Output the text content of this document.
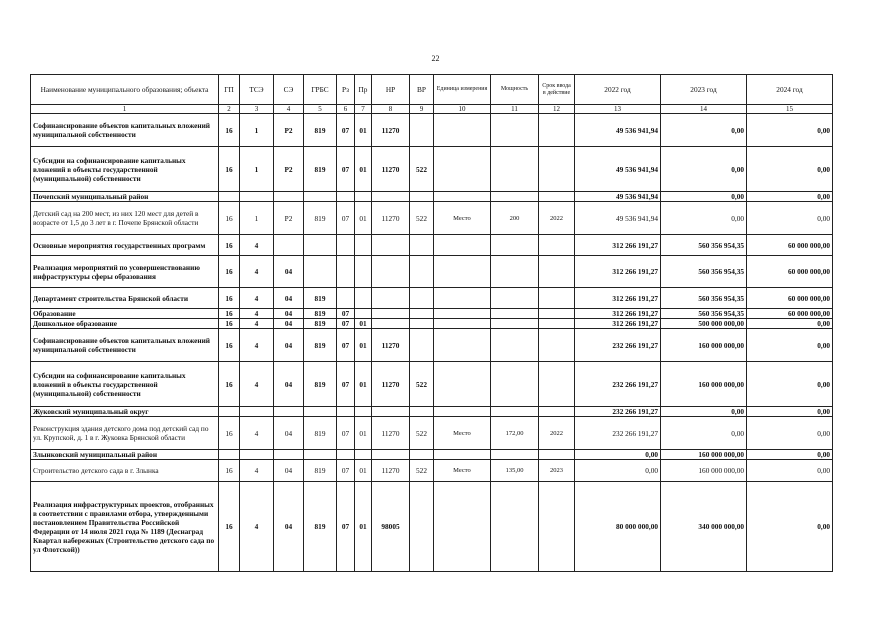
22
Наименование муниципального образования; объекта	ГП	ТСЭ	СЭ	ГРБС	Рз	Пр	НР	ВР	Единица измерения	Мощность	Срок ввода в действие	2022 год	2023 год	2024 год
1	2	3	4	5	6	7	8	9	10	11	12	13	14	15
Софинансирование объектов капитальных вложений муниципальной собственности	16	1	Р2	819	07	01	11270					49 536 941,94	0,00	0,00
Субсидии на софинансирование капитальных вложений в объекты государственной (муниципальной) собственности	16	1	Р2	819	07	01	11270	522				49 536 941,94	0,00	0,00
Почепский муниципальный район												49 536 941,94	0,00	0,00
Детский сад на 200 мест, из них 120 мест для детей в возрасте от 1,5 до 3 лет в г. Почепе Брянской области	16	1	Р2	819	07	01	11270	522	Место	200	2022	49 536 941,94	0,00	0,00
Основные мероприятия государственных программ	16	4										312 266 191,27	560 356 954,35	60 000 000,00
Реализация мероприятий по усовершенствованию инфраструктуры сферы образования	16	4	04									312 266 191,27	560 356 954,35	60 000 000,00
Департамент строительства Брянской области	16	4	04	819								312 266 191,27	560 356 954,35	60 000 000,00
Образование	16	4	04	819	07							312 266 191,27	560 356 954,35	60 000 000,00
Дошкольное образование	16	4	04	819	07	01						312 266 191,27	500 000 000,00	0,00
Софинансирование объектов капитальных вложений муниципальной собственности	16	4	04	819	07	01	11270					232 266 191,27	160 000 000,00	0,00
Субсидии на софинансирование капитальных вложений в объекты государственной (муниципальной) собственности	16	4	04	819	07	01	11270	522				232 266 191,27	160 000 000,00	0,00
Жуковский муниципальный округ												232 266 191,27	0,00	0,00
Реконструкция здания детского дома под детский сад по ул. Крупской, д. 1 в г. Жуковка Брянской области	16	4	04	819	07	01	11270	522	Место	172,00	2022	232 266 191,27	0,00	0,00
Злынковский муниципальный район												0,00	160 000 000,00	0,00
Строительство детского сада в г. Злынка	16	4	04	819	07	01	11270	522	Место	135,00	2023	0,00	160 000 000,00	0,00
Реализация инфраструктурных проектов, отобранных в соответствии с правилами отбора, утвержденными постановлением Правительства Российской Федерации от 14 июля 2021 года № 1189 (Деснаград Квартал набережных (Строительство детского сада по ул Флотской))	16	4	04	819	07	01	98005					80 000 000,00	340 000 000,00	0,00
